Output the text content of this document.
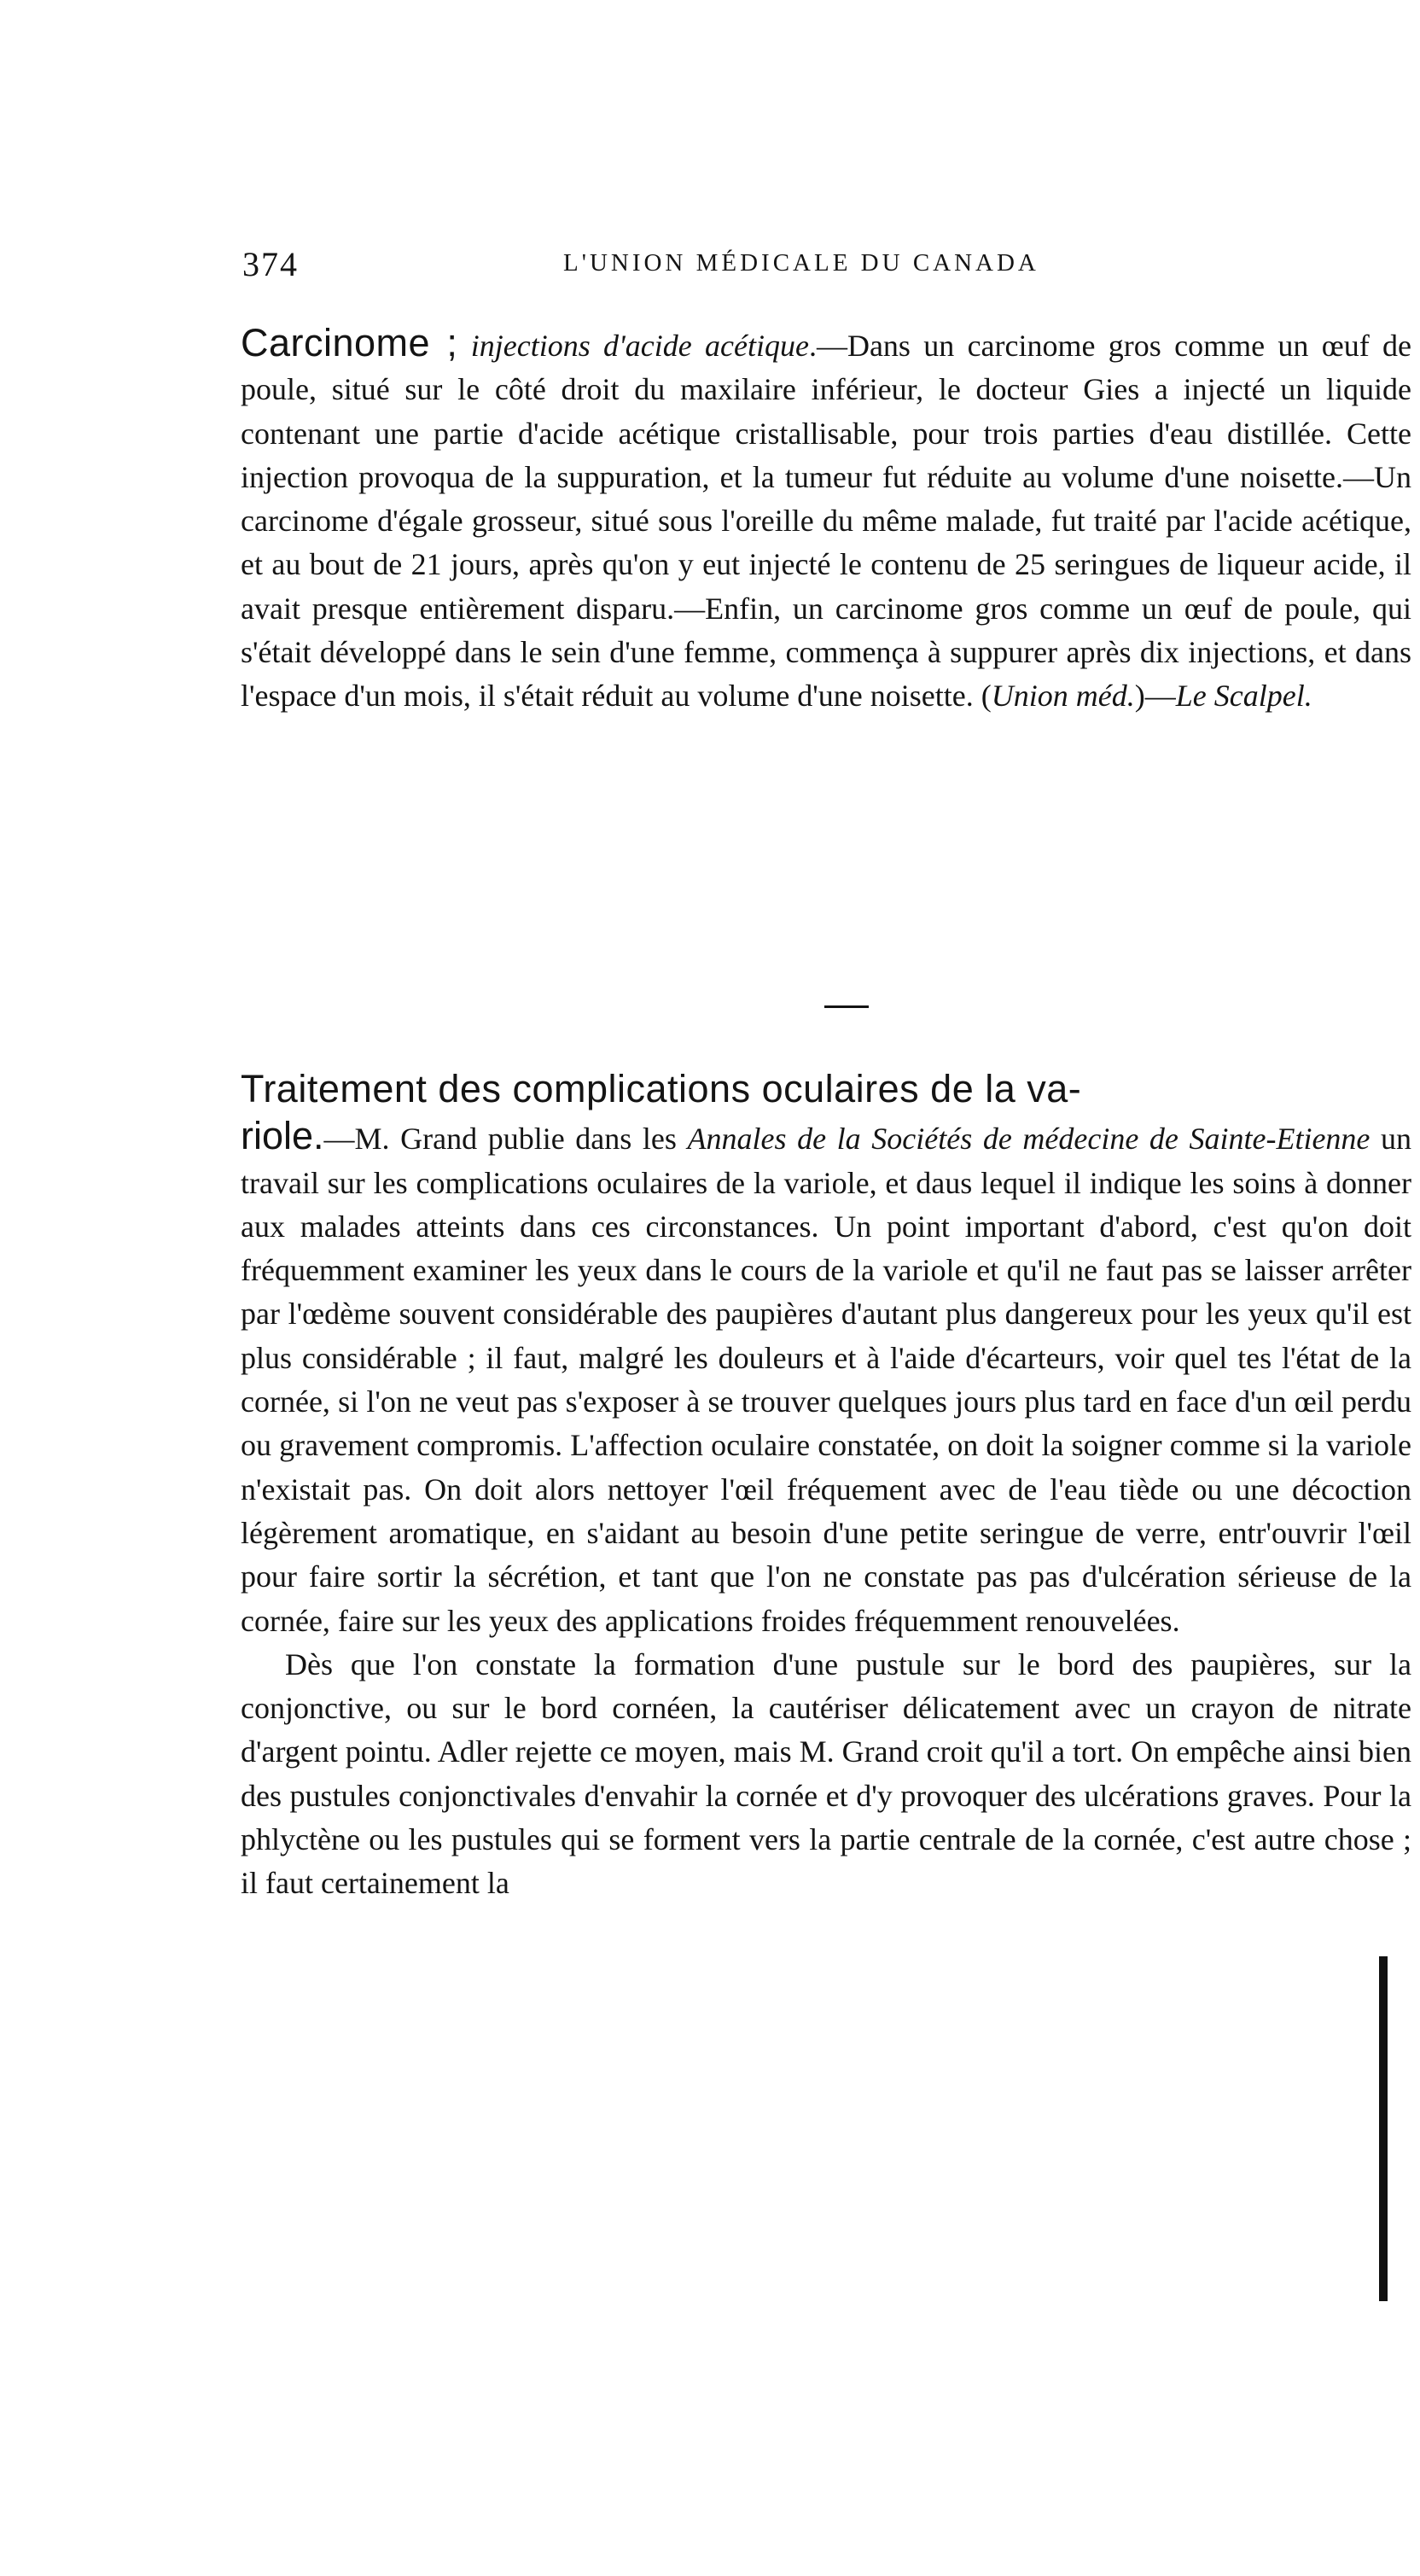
374	L'UNION MÉDICALE DU CANADA

Carcinome ; injections d'acide acétique.—Dans un carcinome gros comme un œuf de poule, situé sur le côté droit du maxilaire inférieur, le docteur Gies a injecté un liquide contenant une partie d'acide acétique cristallisable, pour trois parties d'eau distillée. Cette injection provoqua de la suppuration, et la tumeur fut réduite au volume d'une noisette.—Un carcinome d'égale grosseur, situé sous l'oreille du même malade, fut traité par l'acide acétique, et au bout de 21 jours, après qu'on y eut injecté le contenu de 25 seringues de liqueur acide, il avait presque entièrement disparu.—Enfin, un carcinome gros comme un œuf de poule, qui s'était développé dans le sein d'une femme, commença à suppurer après dix injections, et dans l'espace d'un mois, il s'était réduit au volume d'une noisette. (Union méd.)—Le Scalpel.

Traitement des complications oculaires de la va-

riole.—M. Grand publie dans les Annales de la Sociétés de médecine de Sainte-Etienne un travail sur les complications oculaires de la variole, et daus lequel il indique les soins à donner aux malades atteints dans ces circonstances. Un point important d'abord, c'est qu'on doit fréquemment examiner les yeux dans le cours de la variole et qu'il ne faut pas se laisser arrêter par l'œdème souvent considérable des paupières d'autant plus dangereux pour les yeux qu'il est plus considérable ; il faut, malgré les douleurs et à l'aide d'écarteurs, voir quel tes l'état de la cornée, si l'on ne veut pas s'exposer à se trouver quelques jours plus tard en face d'un œil perdu ou gravement compromis. L'affection oculaire constatée, on doit la soigner comme si la variole n'existait pas. On doit alors nettoyer l'œil fréquement avec de l'eau tiède ou une décoction légèrement aromatique, en s'aidant au besoin d'une petite seringue de verre, entr'ouvrir l'œil pour faire sortir la sécrétion, et tant que l'on ne constate pas pas d'ulcération sérieuse de la cornée, faire sur les yeux des applications froides fréquemment renouvelées.

Dès que l'on constate la formation d'une pustule sur le bord des paupières, sur la conjonctive, ou sur le bord cornéen, la cautériser délicatement avec un crayon de nitrate d'argent pointu. Adler rejette ce moyen, mais M. Grand croit qu'il a tort. On empêche ainsi bien des pustules conjonctivales d'envahir la cornée et d'y provoquer des ulcérations graves. Pour la phlyctène ou les pustules qui se forment vers la partie centrale de la cornée, c'est autre chose ; il faut certainement la
